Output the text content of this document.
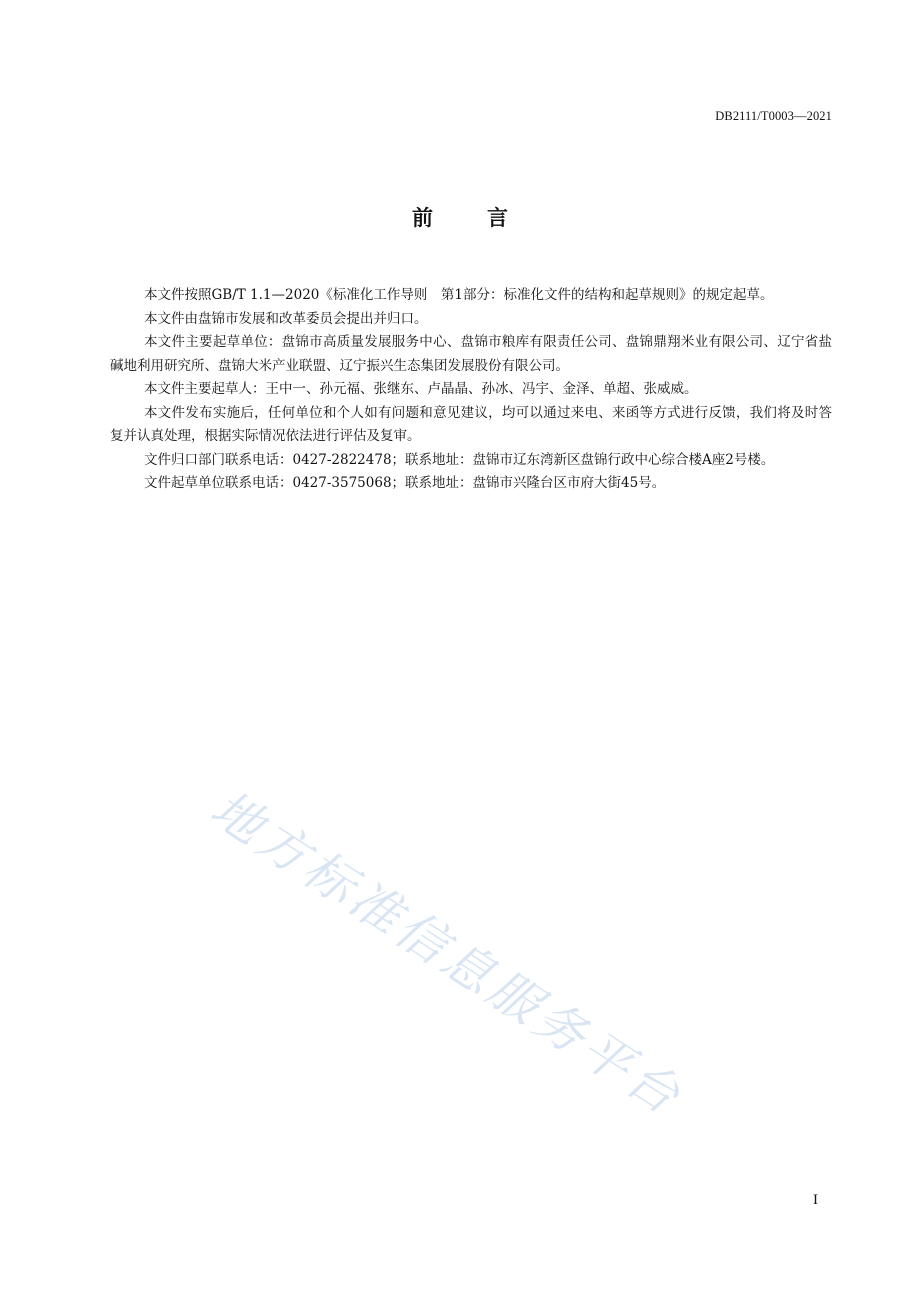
DB2111/T0003—2021
前言

本文件按照GB/T 1.1—2020《标准化工作导则　第1部分：标准化文件的结构和起草规则》的规定起草。

本文件由盘锦市发展和改革委员会提出并归口。

本文件主要起草单位：盘锦市高质量发展服务中心、盘锦市粮库有限责任公司、盘锦鼎翔米业有限公司、辽宁省盐碱地利用研究所、盘锦大米产业联盟、辽宁振兴生态集团发展股份有限公司。

本文件主要起草人：王中一、孙元福、张继东、卢晶晶、孙冰、冯宇、金泽、单超、张威威。

本文件发布实施后，任何单位和个人如有问题和意见建议，均可以通过来电、来函等方式进行反馈，我们将及时答复并认真处理，根据实际情况依法进行评估及复审。

文件归口部门联系电话：0427-2822478；联系地址：盘锦市辽东湾新区盘锦行政中心综合楼A座2号楼。

文件起草单位联系电话：0427-3575068；联系地址：盘锦市兴隆台区市府大街45号。

地方标准信息服务平台
I
